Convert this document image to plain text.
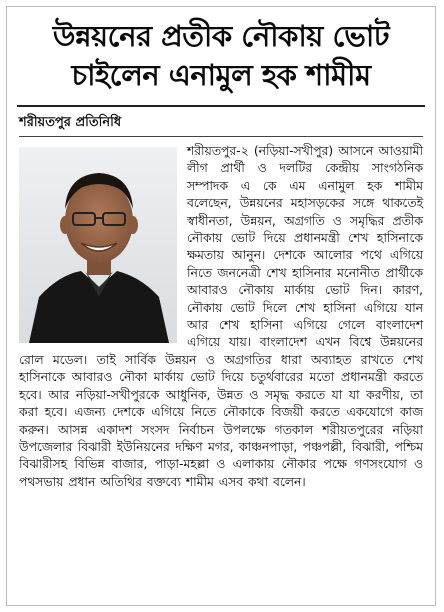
উন্নয়নের প্রতীক নৌকায় ভোট
চাইলেন এনামুল হক শামীম
শরীয়তপুর প্রতিনিধি
শরীয়তপুর-২ (নড়িয়া-সখীপুর) আসনে আওয়ামী লীগ প্রার্থী ও দলটির কেন্দ্রীয় সাংগঠনিক সম্পাদক এ কে এম এনামুল হক শামীম বলেছেন, উন্নয়নের মহাসড়কের সঙ্গে থাকতেই স্বাধীনতা, উন্নয়ন, অগ্রগতি ও সমৃদ্ধির প্রতীক নৌকায় ভোট দিয়ে প্রধানমন্ত্রী শেখ হাসিনাকে ক্ষমতায় আনুন। দেশকে আলোর পথে এগিয়ে নিতে জননেত্রী শেখ হাসিনার মনোনীত প্রার্থীকে আবারও নৌকায় মার্কায় ভোট দিন। কারণ, নৌকায় ভোট দিলে শেখ হাসিনা এগিয়ে যান আর শেখ হাসিনা এগিয়ে গেলে বাংলাদেশ এগিয়ে যায়। বাংলাদেশ এখন বিশ্বে উন্নয়নের রোল মডেল। তাই সার্বিক উন্নয়ন ও অগ্রগতির ধারা অব্যাহত রাখতে শেখ হাসিনাকে আবারও নৌকা মার্কায় ভোট দিয়ে চতুর্থবারের মতো প্রধানমন্ত্রী করতে হবে। আর নড়িয়া-সখীপুরকে আধুনিক, উন্নত ও সমৃদ্ধ করতে যা যা করণীয়, তা করা হবে। এজন্য দেশকে এগিয়ে নিতে নৌকাকে বিজয়ী করতে একযোগে কাজ করুন। আসন্ন একাদশ সংসদ নির্বাচন উপলক্ষে গতকাল শরীয়তপুরের নড়িয়া উপজেলার বিঝারী ইউনিয়নের দক্ষিণ মগর, কাঞ্চনপাড়া, পঞ্চপল্লী, বিঝারী, পশ্চিম বিঝারীসহ বিভিন্ন বাজার, পাড়া-মহল্লা ও এলাকায় নৌকার পক্ষে গণসংযোগ ও পথসভায় প্রধান অতিথির বক্তব্যে শামীম এসব কথা বলেন।
